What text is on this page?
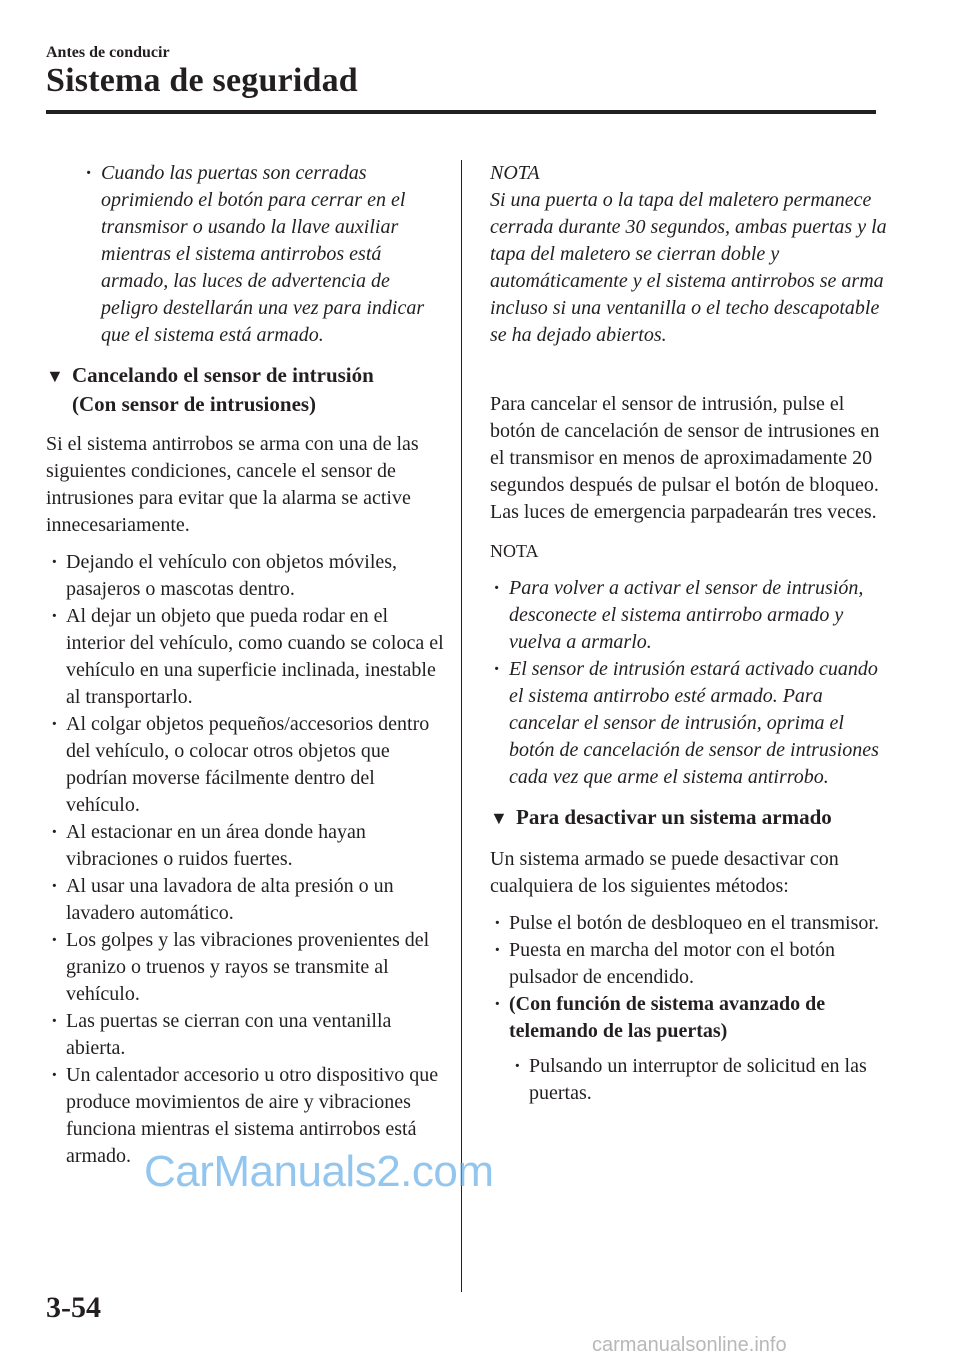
Antes de conducir
Sistema de seguridad
· Cuando las puertas son cerradas oprimiendo el botón para cerrar en el transmisor o usando la llave auxiliar mientras el sistema antirrobos está armado, las luces de advertencia de peligro destellarán una vez para indicar que el sistema está armado.
▼ Cancelando el sensor de intrusión
(Con sensor de intrusiones)
Si el sistema antirrobos se arma con una de las siguientes condiciones, cancele el sensor de intrusiones para evitar que la alarma se active innecesariamente.
· Dejando el vehículo con objetos móviles, pasajeros o mascotas dentro.
· Al dejar un objeto que pueda rodar en el interior del vehículo, como cuando se coloca el vehículo en una superficie inclinada, inestable al transportarlo.
· Al colgar objetos pequeños/accesorios dentro del vehículo, o colocar otros objetos que podrían moverse fácilmente dentro del vehículo.
· Al estacionar en un área donde hayan vibraciones o ruidos fuertes.
· Al usar una lavadora de alta presión o un lavadero automático.
· Los golpes y las vibraciones provenientes del granizo o truenos y rayos se transmite al vehículo.
· Las puertas se cierran con una ventanilla abierta.
· Un calentador accesorio u otro dispositivo que produce movimientos de aire y vibraciones funciona mientras el sistema antirrobos está armado.
NOTA
Si una puerta o la tapa del maletero permanece cerrada durante 30 segundos, ambas puertas y la tapa del maletero se cierran doble y automáticamente y el sistema antirrobos se arma incluso si una ventanilla o el techo descapotable se ha dejado abiertos.
Para cancelar el sensor de intrusión, pulse el botón de cancelación de sensor de intrusiones en el transmisor en menos de aproximadamente 20 segundos después de pulsar el botón de bloqueo.
Las luces de emergencia parpadearán tres veces.
NOTA
· Para volver a activar el sensor de intrusión, desconecte el sistema antirrobo armado y vuelva a armarlo.
· El sensor de intrusión estará activado cuando el sistema antirrobo esté armado. Para cancelar el sensor de intrusión, oprima el botón de cancelación de sensor de intrusiones cada vez que arme el sistema antirrobo.
▼ Para desactivar un sistema armado
Un sistema armado se puede desactivar con cualquiera de los siguientes métodos:
· Pulse el botón de desbloqueo en el transmisor.
· Puesta en marcha del motor con el botón pulsador de encendido.
· (Con función de sistema avanzado de telemando de las puertas)
· Pulsando un interruptor de solicitud en las puertas.
3-54
CarManuals2.com
carmanualsonline.info
